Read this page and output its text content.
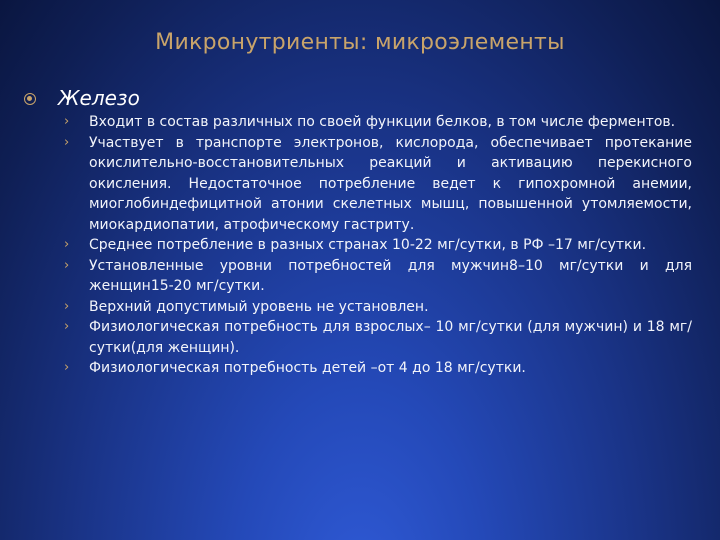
Микронутриенты: микроэлементы
Железо
›	Входит в состав различных по своей функции белков, в том числе ферментов.
›	Участвует в транспорте электронов, кислорода, обеспечивает протекание окислительно-восстановительных реакций и активацию перекисного окисления. Недостаточное потребление ведет к гипохромной анемии, миоглобиндефицитной атонии скелетных мышц, повышенной утомляемости, миокардиопатии, атрофическому гастриту.
›	Среднее потребление в разных странах 10-22 мг/сутки, в РФ –17 мг/сутки.
›	Установленные уровни потребностей для мужчин8–10 мг/сутки и для женщин15-20 мг/сутки.
›	Верхний допустимый уровень не установлен.
›	Физиологическая потребность для взрослых– 10 мг/сутки (для мужчин) и 18 мг/сутки(для женщин).
›	Физиологическая потребность детей –от 4 до 18 мг/сутки.
